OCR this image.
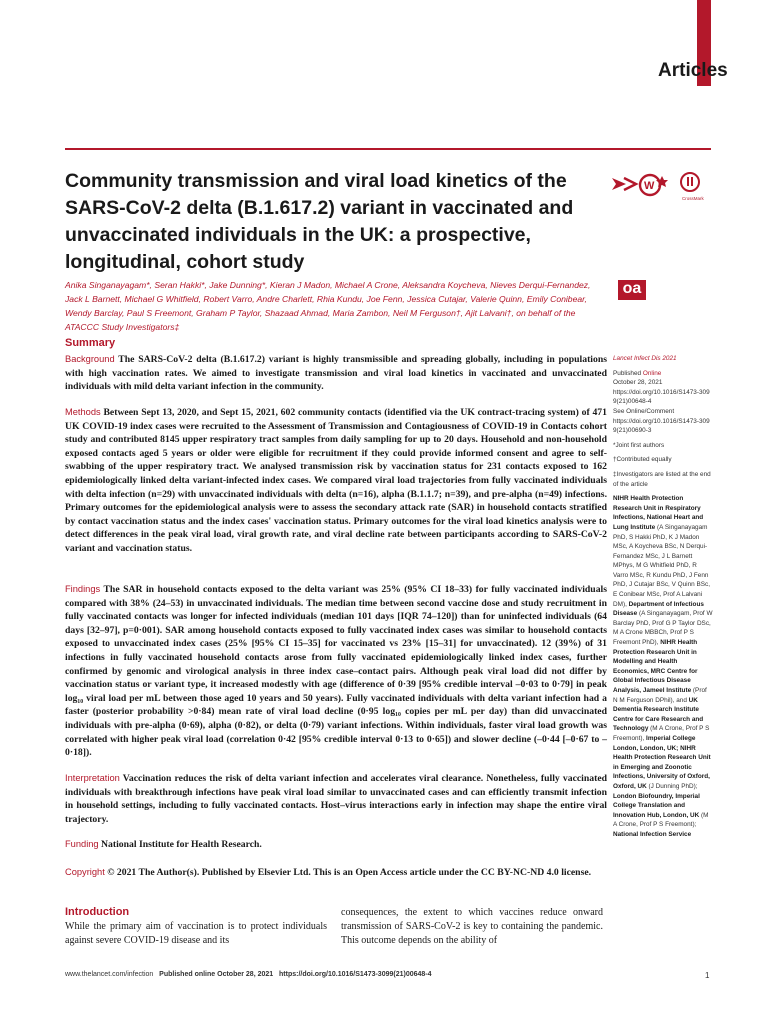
Articles
Community transmission and viral load kinetics of the SARS-CoV-2 delta (B.1.617.2) variant in vaccinated and unvaccinated individuals in the UK: a prospective, longitudinal, cohort study
W
CrossMark
Anika Singanayagam*, Seran Hakki*, Jake Dunning*, Kieran J Madon, Michael A Crone, Aleksandra Koycheva, Nieves Derqui-Fernandez, Jack L Barnett, Michael G Whitfield, Robert Varro, Andre Charlett, Rhia Kundu, Joe Fenn, Jessica Cutajar, Valerie Quinn, Emily Conibear, Wendy Barclay, Paul S Freemont, Graham P Taylor, Shazaad Ahmad, Maria Zambon, Neil M Ferguson†, Ajit Lalvani†, on behalf of the ATACCC Study Investigators‡
oa
Summary
Background The SARS-CoV-2 delta (B.1.617.2) variant is highly transmissible and spreading globally, including in populations with high vaccination rates. We aimed to investigate transmission and viral load kinetics in vaccinated and unvaccinated individuals with mild delta variant infection in the community.
Methods Between Sept 13, 2020, and Sept 15, 2021, 602 community contacts (identified via the UK contract-tracing system) of 471 UK COVID-19 index cases were recruited to the Assessment of Transmission and Contagiousness of COVID-19 in Contacts cohort study and contributed 8145 upper respiratory tract samples from daily sampling for up to 20 days. Household and non-household exposed contacts aged 5 years or older were eligible for recruitment if they could provide informed consent and agree to self-swabbing of the upper respiratory tract. We analysed transmission risk by vaccination status for 231 contacts exposed to 162 epidemiologically linked delta variant-infected index cases. We compared viral load trajectories from fully vaccinated individuals with delta infection (n=29) with unvaccinated individuals with delta (n=16), alpha (B.1.1.7; n=39), and pre-alpha (n=49) infections. Primary outcomes for the epidemiological analysis were to assess the secondary attack rate (SAR) in household contacts stratified by contact vaccination status and the index cases' vaccination status. Primary outcomes for the viral load kinetics analysis were to detect differences in the peak viral load, viral growth rate, and viral decline rate between participants according to SARS-CoV-2 variant and vaccination status.
Findings The SAR in household contacts exposed to the delta variant was 25% (95% CI 18–33) for fully vaccinated individuals compared with 38% (24–53) in unvaccinated individuals. The median time between second vaccine dose and study recruitment in fully vaccinated contacts was longer for infected individuals (median 101 days [IQR 74–120]) than for uninfected individuals (64 days [32–97], p=0·001). SAR among household contacts exposed to fully vaccinated index cases was similar to household contacts exposed to unvaccinated index cases (25% [95% CI 15–35] for vaccinated vs 23% [15–31] for unvaccinated). 12 (39%) of 31 infections in fully vaccinated household contacts arose from fully vaccinated epidemiologically linked index cases, further confirmed by genomic and virological analysis in three index case–contact pairs. Although peak viral load did not differ by vaccination status or variant type, it increased modestly with age (difference of 0·39 [95% credible interval –0·03 to 0·79] in peak log₁₀ viral load per mL between those aged 10 years and 50 years). Fully vaccinated individuals with delta variant infection had a faster (posterior probability >0·84) mean rate of viral load decline (0·95 log₁₀ copies per mL per day) than did unvaccinated individuals with pre-alpha (0·69), alpha (0·82), or delta (0·79) variant infections. Within individuals, faster viral load growth was correlated with higher peak viral load (correlation 0·42 [95% credible interval 0·13 to 0·65]) and slower decline (–0·44 [–0·67 to –0·18]).
Interpretation Vaccination reduces the risk of delta variant infection and accelerates viral clearance. Nonetheless, fully vaccinated individuals with breakthrough infections have peak viral load similar to unvaccinated cases and can efficiently transmit infection in household settings, including to fully vaccinated contacts. Host–virus interactions early in infection may shape the entire viral trajectory.
Funding National Institute for Health Research.
Copyright © 2021 The Author(s). Published by Elsevier Ltd. This is an Open Access article under the CC BY-NC-ND 4.0 license.
Lancet Infect Dis 2021
Published Online
October 28, 2021
https://doi.org/10.1016/S1473-3099(21)00648-4
See Online/Comment
https://doi.org/10.1016/S1473-3099(21)00690-3
*Joint first authors
†Contributed equally
‡Investigators are listed at the end of the article
NIHR Health Protection Research Unit in Respiratory Infections, National Heart and Lung Institute (A Singanayagam PhD, S Hakki PhD, K J Madon MSc, A Koycheva BSc, N Derqui-Fernandez MSc, J L Barnett MPhys, M G Whitfield PhD, R Varro MSc, R Kundu PhD, J Fenn PhD, J Cutajar BSc, V Quinn BSc, E Conibear MSc, Prof A Lalvani DM), Department of Infectious Disease (A Singanayagam, Prof W Barclay PhD, Prof G P Taylor DSc, M A Crone MBBCh, Prof P S Freemont PhD), NIHR Health Protection Research Unit in Modelling and Health Economics, MRC Centre for Global Infectious Disease Analysis, Jameel Institute (Prof N M Ferguson DPhil), and UK Dementia Research Institute Centre for Care Research and Technology (M A Crone, Prof P S Freemont), Imperial College London, London, UK; NIHR Health Protection Research Unit in Emerging and Zoonotic Infections, University of Oxford, Oxford, UK (J Dunning PhD); London Biofoundry, Imperial College Translation and Innovation Hub, London, UK (M A Crone, Prof P S Freemont); National Infection Service
Introduction
While the primary aim of vaccination is to protect individuals against severe COVID-19 disease and its
consequences, the extent to which vaccines reduce onward transmission of SARS-CoV-2 is key to containing the pandemic. This outcome depends on the ability of
www.thelancet.com/infection Published online October 28, 2021 https://doi.org/10.1016/S1473-3099(21)00648-4	1
